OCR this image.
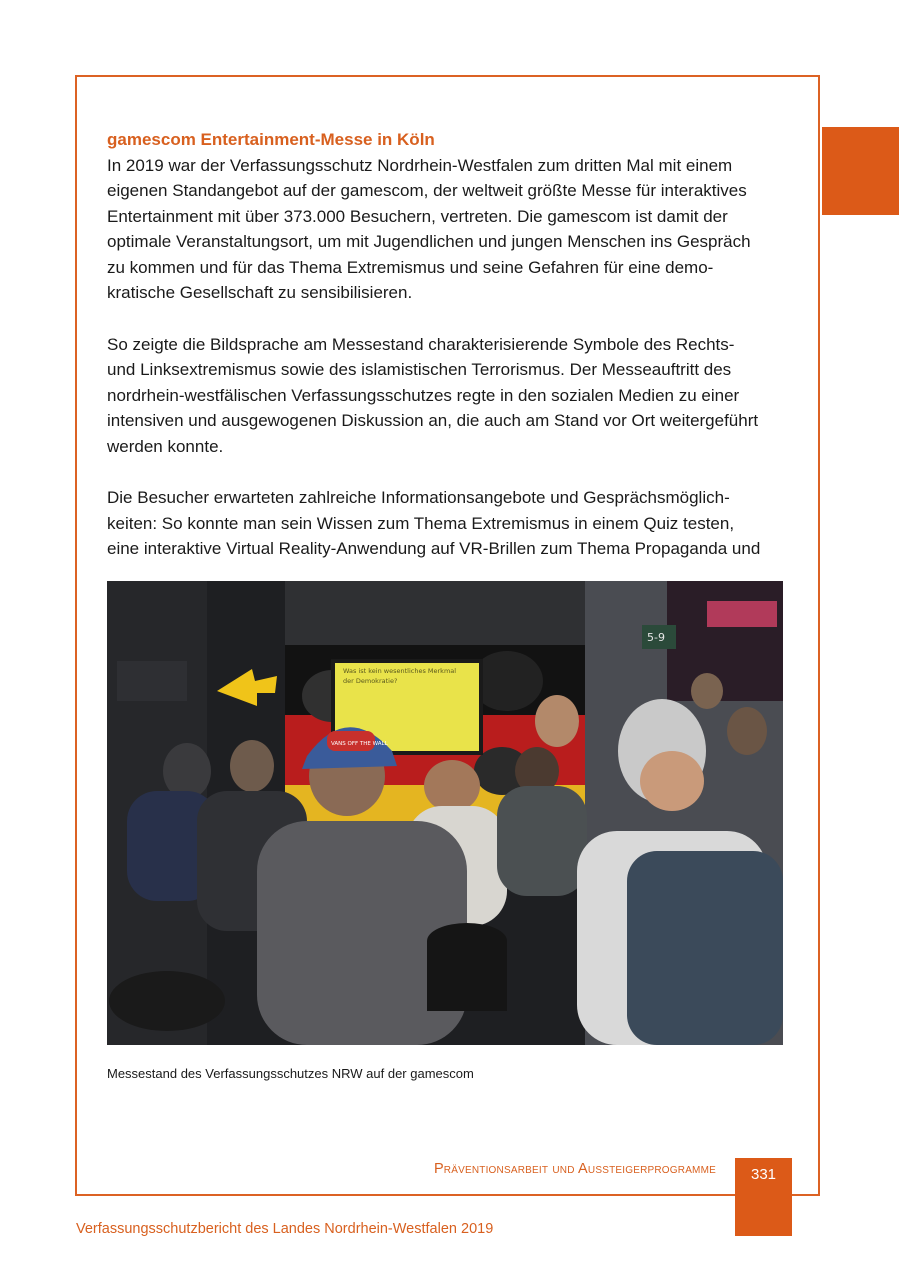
gamescom Entertainment-Messe in Köln

In 2019 war der Verfassungsschutz Nordrhein-Westfalen zum dritten Mal mit einem
eigenen Standangebot auf der gamescom, der weltweit größte Messe für interaktives
Entertainment mit über 373.000 Besuchern, vertreten. Die gamescom ist damit der
optimale Veranstaltungsort, um mit Jugendlichen und jungen Menschen ins Gespräch
zu kommen und für das Thema Extremismus und seine Gefahren für eine demo-
kratische Gesellschaft zu sensibilisieren.

So zeigte die Bildsprache am Messestand charakterisierende Symbole des Rechts-
und Linksextremismus sowie des islamistischen Terrorismus. Der Messeauftritt des
nordrhein-westfälischen Verfassungsschutzes regte in den sozialen Medien zu einer
intensiven und ausgewogenen Diskussion an, die auch am Stand vor Ort weitergeführt
werden konnte.

Die Besucher erwarteten zahlreiche Informationsangebote und Gesprächsmöglich-
keiten: So konnte man sein Wissen zum Thema Extremismus in einem Quiz testen,
eine interaktive Virtual Reality-Anwendung auf VR-Brillen zum Thema Propaganda und

5-9
Was ist kein wesentliches Merkmal
der Demokratie?
VANS OFF THE WALL
Messestand des Verfassungsschutzes NRW auf der gamescom
Präventionsarbeit und Aussteigerprogramme	331
Verfassungsschutzbericht des Landes Nordrhein-Westfalen 2019
